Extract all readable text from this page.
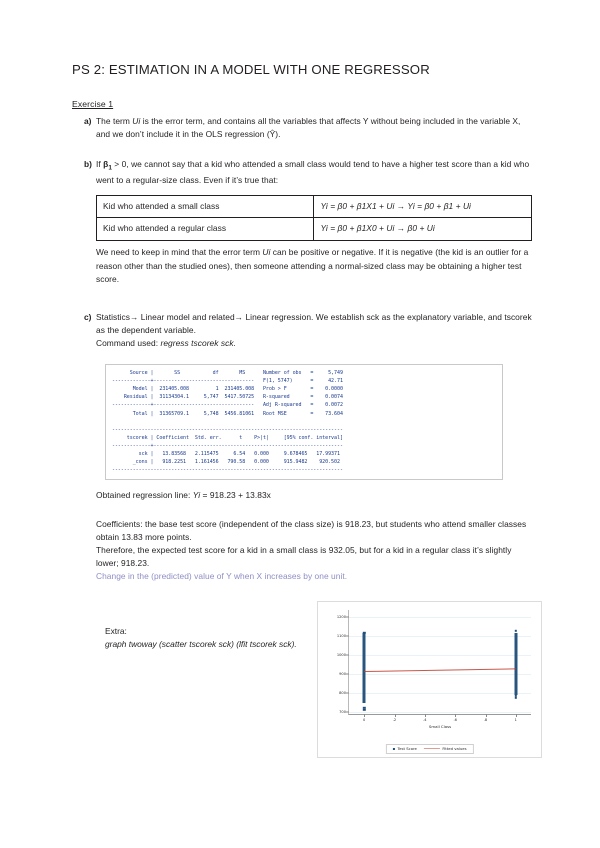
PS 2: ESTIMATION IN A MODEL WITH ONE REGRESSOR
Exercise 1
a) The term Ui is the error term, and contains all the variables that affects Y without being included in the variable X, and we don’t include it in the OLS regression (Ŷ).
b) If $\beta_1 > 0$, we cannot say that a kid who attended a small class would tend to have a higher test score than a kid who went to a regular-size class. Even if it’s true that:
Kid who attended a small class	Yi = β0 + β1X1 + Ui → Yi = β0 + β1 + Ui
Kid who attended a regular class	Yi = β0 + β1X0 + Ui → β0 + Ui
We need to keep in mind that the error term Ui can be positive or negative. If it is negative (the kid is an outlier for a reason other than the studied ones), then someone attending a normal-sized class may be obtaining a higher test score.
c) Statistics→ Linear model and related→ Linear regression. We establish sck as the explanatory variable, and tscorek as the dependent variable.
Command used: regress tscorek sck.
Source |       SS           df       MS      Number of obs   =     5,749
-------------+----------------------------------   F(1, 5747)      =     42.71
Model |  231405.008         1  231405.008   Prob > F        =    0.0000
Residual |  31134304.1     5,747  5417.50725   R-squared       =    0.0074
-------------+----------------------------------   Adj R-squared   =    0.0072
Total |  31365709.1     5,748  5456.81061   Root MSE        =    73.604

------------------------------------------------------------------------------
tscorek | Coefficient  Std. err.      t    P>|t|     [95% conf. interval]
-------------+----------------------------------------------------------------
sck |   13.83568   2.115475     6.54   0.000     9.678465   17.99371
_cons |   918.2251   1.161456   790.58   0.000     915.9482    920.502
------------------------------------------------------------------------------
Obtained regression line: Yi = 918.23 + 13.83x
Coefficients: the base test score (independent of the class size) is 918.23, but students who attend smaller classes obtain 13.83 more points.
Therefore, the expected test score for a kid in a small class is 932.05, but for a kid in a regular class it’s slightly lower; 918.23.
Change in the (predicted) value of Y when X increases by one unit.
Extra:
graph twoway (scatter tscorek sck) (lfit tscorek sck).
700
800
900
1000
1100
1200
0	.2	.4	.6	.8	1
Small Class
Test Score	Fitted values
